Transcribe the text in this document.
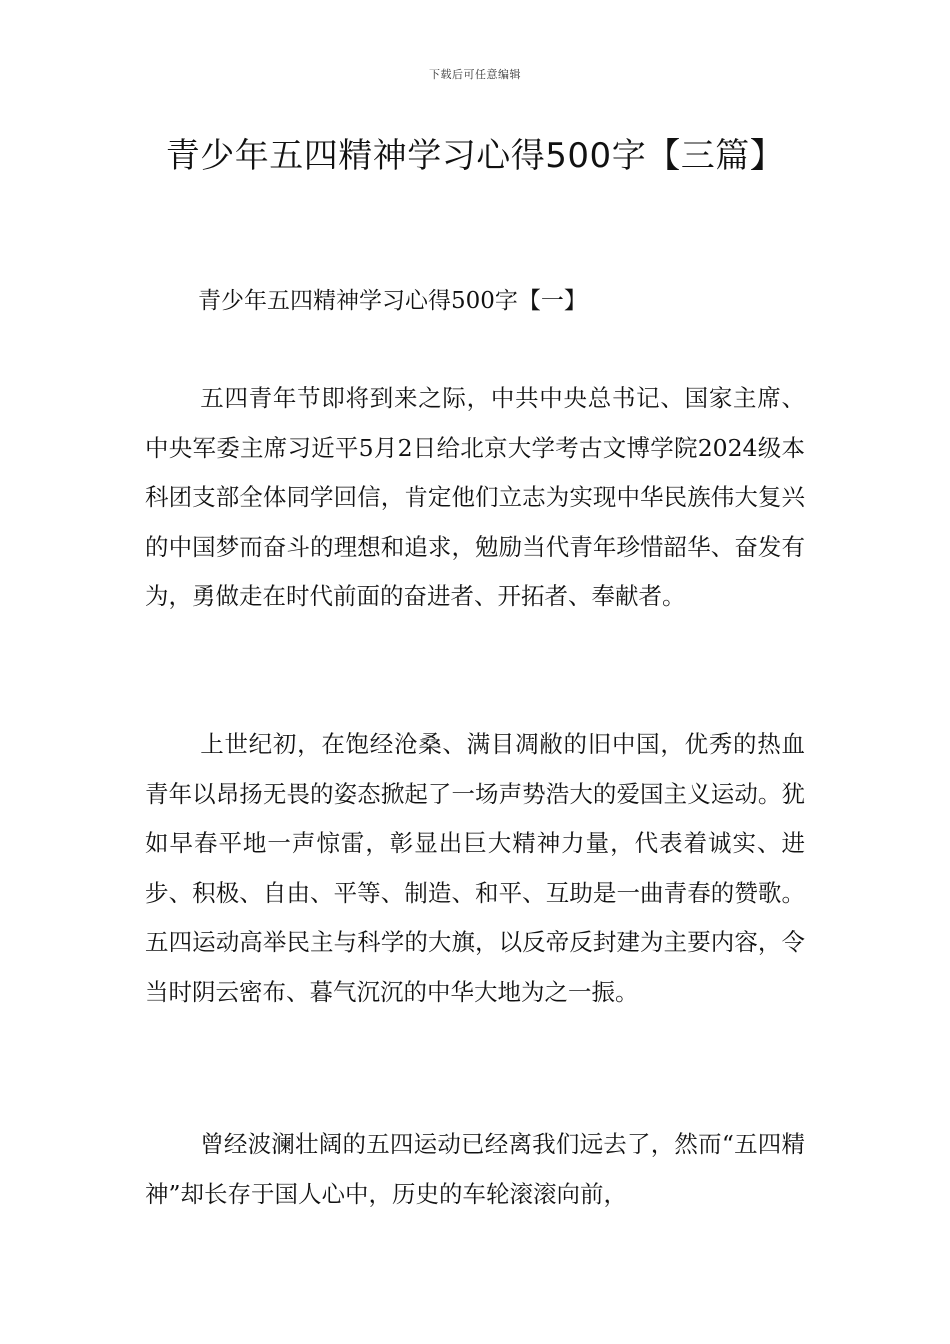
下载后可任意编辑
青少年五四精神学习心得500字【三篇】
青少年五四精神学习心得500字【一】

五四青年节即将到来之际，中共中央总书记、国家主席、中央军委主席习近平5月2日给北京大学考古文博学院2024级本科团支部全体同学回信，肯定他们立志为实现中华民族伟大复兴的中国梦而奋斗的理想和追求，勉励当代青年珍惜韶华、奋发有为，勇做走在时代前面的奋进者、开拓者、奉献者。

上世纪初，在饱经沧桑、满目凋敝的旧中国，优秀的热血青年以昂扬无畏的姿态掀起了一场声势浩大的爱国主义运动。犹如早春平地一声惊雷，彰显出巨大精神力量，代表着诚实、进步、积极、自由、平等、制造、和平、互助是一曲青春的赞歌。五四运动高举民主与科学的大旗，以反帝反封建为主要内容，令当时阴云密布、暮气沉沉的中华大地为之一振。

曾经波澜壮阔的五四运动已经离我们远去了，然而“五四精神”却长存于国人心中，历史的车轮滚滚向前，
